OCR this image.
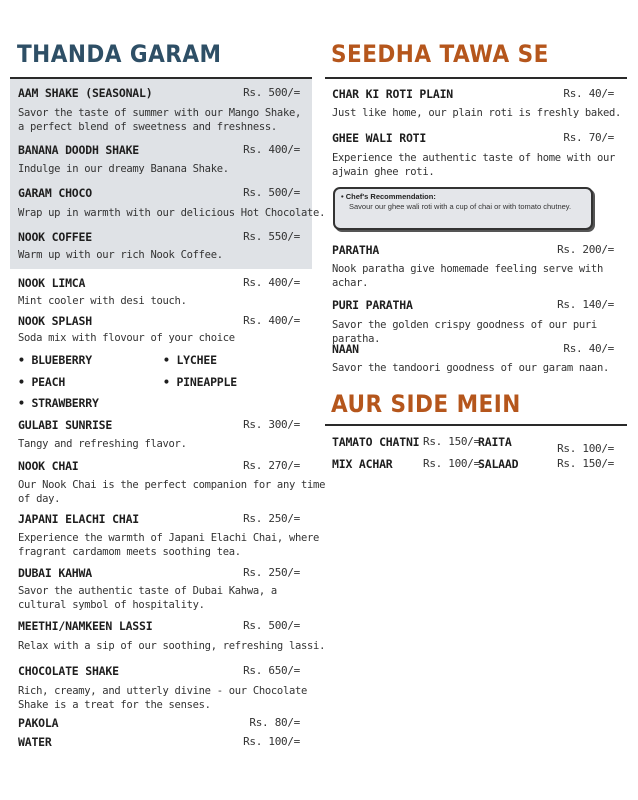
THANDA GARAM
AAM SHAKE (SEASONAL)	Rs. 500/=
Savor the taste of summer with our Mango Shake,
a perfect blend of sweetness and freshness.
BANANA DOODH SHAKE	Rs. 400/=
Indulge in our dreamy Banana Shake.
GARAM CHOCO	Rs. 500/=
Wrap up in warmth with our delicious Hot Chocolate.
NOOK COFFEE	Rs. 550/=
Warm up with our rich Nook Coffee.
NOOK LIMCA	Rs. 400/=
Mint cooler with desi touch.
NOOK SPLASH	Rs. 400/=
Soda mix with flovour of your choice
• BLUEBERRY	• LYCHEE
• PEACH	• PINEAPPLE
• STRAWBERRY
GULABI SUNRISE	Rs. 300/=
Tangy and refreshing flavor.
NOOK CHAI	Rs. 270/=
Our Nook Chai is the perfect companion for any time
of day.
JAPANI ELACHI CHAI	Rs. 250/=
Experience the warmth of Japani Elachi Chai, where
fragrant cardamom meets soothing tea.
DUBAI KAHWA	Rs. 250/=
Savor the authentic taste of Dubai Kahwa, a
cultural symbol of hospitality.
MEETHI/NAMKEEN LASSI	Rs. 500/=
Relax with a sip of our soothing, refreshing lassi.
CHOCOLATE SHAKE	Rs. 650/=
Rich, creamy, and utterly divine - our Chocolate
Shake is a treat for the senses.
PAKOLA	Rs. 80/=
WATER	Rs. 100/=
SEEDHA TAWA SE
CHAR KI ROTI PLAIN	Rs. 40/=
Just like home, our plain roti is freshly baked.
GHEE WALI ROTI	Rs. 70/=
Experience the authentic taste of home with our
ajwain ghee roti.
• Chef's Recommendation:
Savour our ghee wali roti with a cup of chai or with tomato chutney.
PARATHA	Rs. 200/=
Nook paratha give homemade feeling serve with
achar.
PURI PARATHA	Rs. 140/=
Savor the golden crispy goodness of our puri paratha.
NAAN	Rs. 40/=
Savor the tandoori goodness of our garam naan.
AUR SIDE MEIN
TAMATO CHATNI Rs. 150/=
RAITA	Rs. 100/=
MIX ACHAR	Rs. 100/=
SALAAD	Rs. 150/=
